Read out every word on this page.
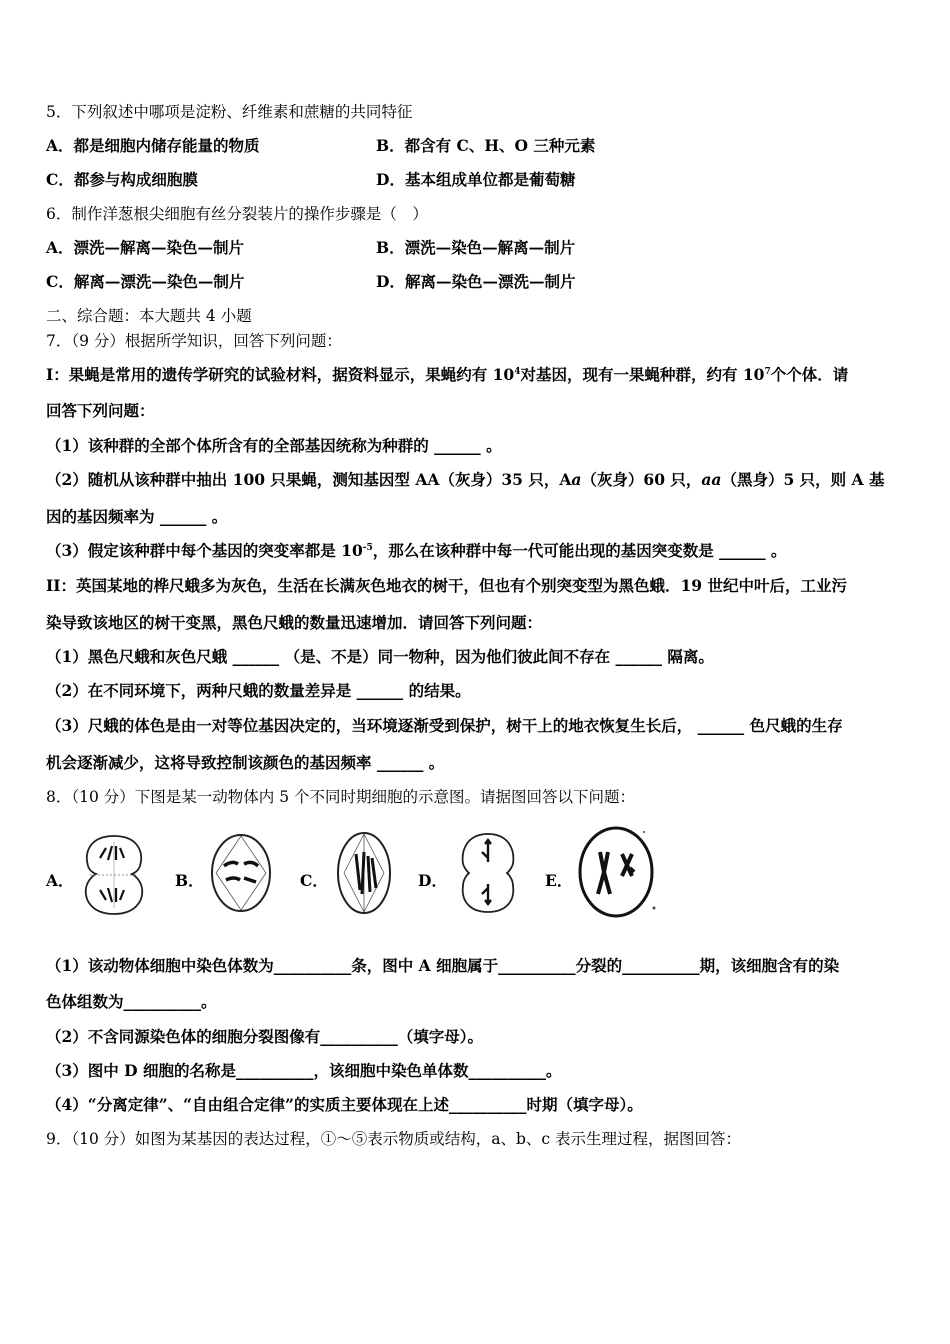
5．下列叙述中哪项是淀粉、纤维素和蔗糖的共同特征
A．都是细胞内储存能量的物质	B．都含有 C、H、O 三种元素
C．都参与构成细胞膜	D．基本组成单位都是葡萄糖
6．制作洋葱根尖细胞有丝分裂装片的操作步骤是（　）
A．漂洗—解离—染色—制片	B．漂洗—染色—解离—制片
C．解离—漂洗—染色—制片	D．解离—染色—漂洗—制片
二、综合题：本大题共 4 小题
7．（9 分）根据所学知识，回答下列问题：
I：果蝇是常用的遗传学研究的试验材料，据资料显示，果蝇约有 $10^4$对基因，现有一果蝇种群，约有 $10^7$个个体．请
回答下列问题：
（1）该种群的全部个体所含有的全部基因统称为种群的 ______ 。
（2）随机从该种群中抽出 100 只果蝇，测知基因型 AA（灰身）35 只，Aa（灰身）60 只，aa（黑身）5 只，则 A 基
因的基因频率为 ______ 。
（3）假定该种群中每个基因的突变率都是 $10^{-5}$，那么在该种群中每一代可能出现的基因突变数是 ______ 。
II：英国某地的桦尺蛾多为灰色，生活在长满灰色地衣的树干，但也有个别突变型为黑色蛾．19 世纪中叶后，工业污
染导致该地区的树干变黑，黑色尺蛾的数量迅速增加．请回答下列问题：
（1）黑色尺蛾和灰色尺蛾 ______ （是、不是）同一物种，因为他们彼此间不存在 ______ 隔离。
（2）在不同环境下，两种尺蛾的数量差异是 ______ 的结果。
（3）尺蛾的体色是由一对等位基因决定的，当环境逐渐受到保护，树干上的地衣恢复生长后， ______ 色尺蛾的生存
机会逐渐减少，这将导致控制该颜色的基因频率 ______ 。
8．（10 分）下图是某一动物体内 5 个不同时期细胞的示意图。请据图回答以下问题：
A．	B．	C．	D．	E．
（1）该动物体细胞中染色体数为__________条，图中 A 细胞属于__________分裂的__________期，该细胞含有的染
色体组数为__________。
（2）不含同源染色体的细胞分裂图像有__________（填字母）。
（3）图中 D 细胞的名称是__________，该细胞中染色单体数__________。
（4）“分离定律”、“自由组合定律”的实质主要体现在上述__________时期（填字母）。
9．（10 分）如图为某基因的表达过程，①～⑤表示物质或结构，a、b、c 表示生理过程，据图回答：
